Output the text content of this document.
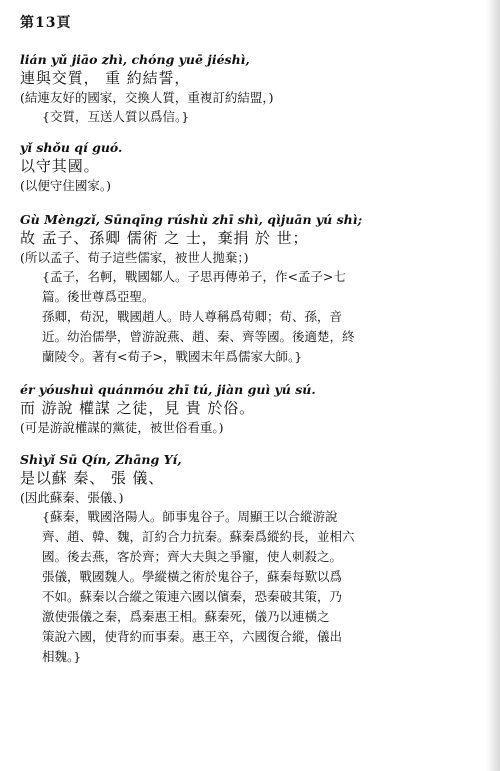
第13頁
lián yǔ jiāo zhì, chóng yuē jiéshì,
連與交質， 重 約結誓，
(結連友好的國家，交換人質，重複訂約結盟，)
{交質，互送人質以爲信。}
yǐ shǒu qí guó.
以守其國。
(以便守住國家。)
Gù Mèngzǐ, Sūnqīng rúshù zhī shì, qìjuān yú shì;
故 孟子、孫卿 儒術 之 士，棄捐 於 世；
(所以孟子、荀子這些儒家，被世人拋棄；)
{孟子，名軻，戰國鄒人。子思再傳弟子，作<孟子>七
篇。後世尊爲亞聖。
孫卿，荀況，戰國趙人。時人尊稱爲荀卿；荀、孫，音
近。幼治儒學，曾游說燕、趙、秦、齊等國。後適楚，終
蘭陵令。著有<荀子>，戰國末年爲儒家大師。}
ér yóushuì quánmóu zhī tú, jiàn guì yú sú.
而 游說 權謀 之徒，見 貴 於俗。
(可是游說權謀的黨徒，被世俗看重。)
Shìyǐ Sū Qín, Zhāng Yí,
是以蘇 秦、 張 儀、
(因此蘇秦、張儀、)
{蘇秦，戰國洛陽人。師事鬼谷子。周顯王以合縱游說
齊、趙、韓、魏，訂約合力抗秦。蘇秦爲縱約長，並相六
國。後去燕，客於齊；齊大夫與之爭寵，使人刺殺之。
張儀，戰國魏人。學縱橫之術於鬼谷子，蘇秦每歎以爲
不如。蘇秦以合縱之策連六國以儐秦，恐秦破其策，乃
激使張儀之秦，爲秦惠王相。蘇秦死，儀乃以連橫之
策說六國，使背約而事秦。惠王卒，六國復合縱，儀出
相魏。}
